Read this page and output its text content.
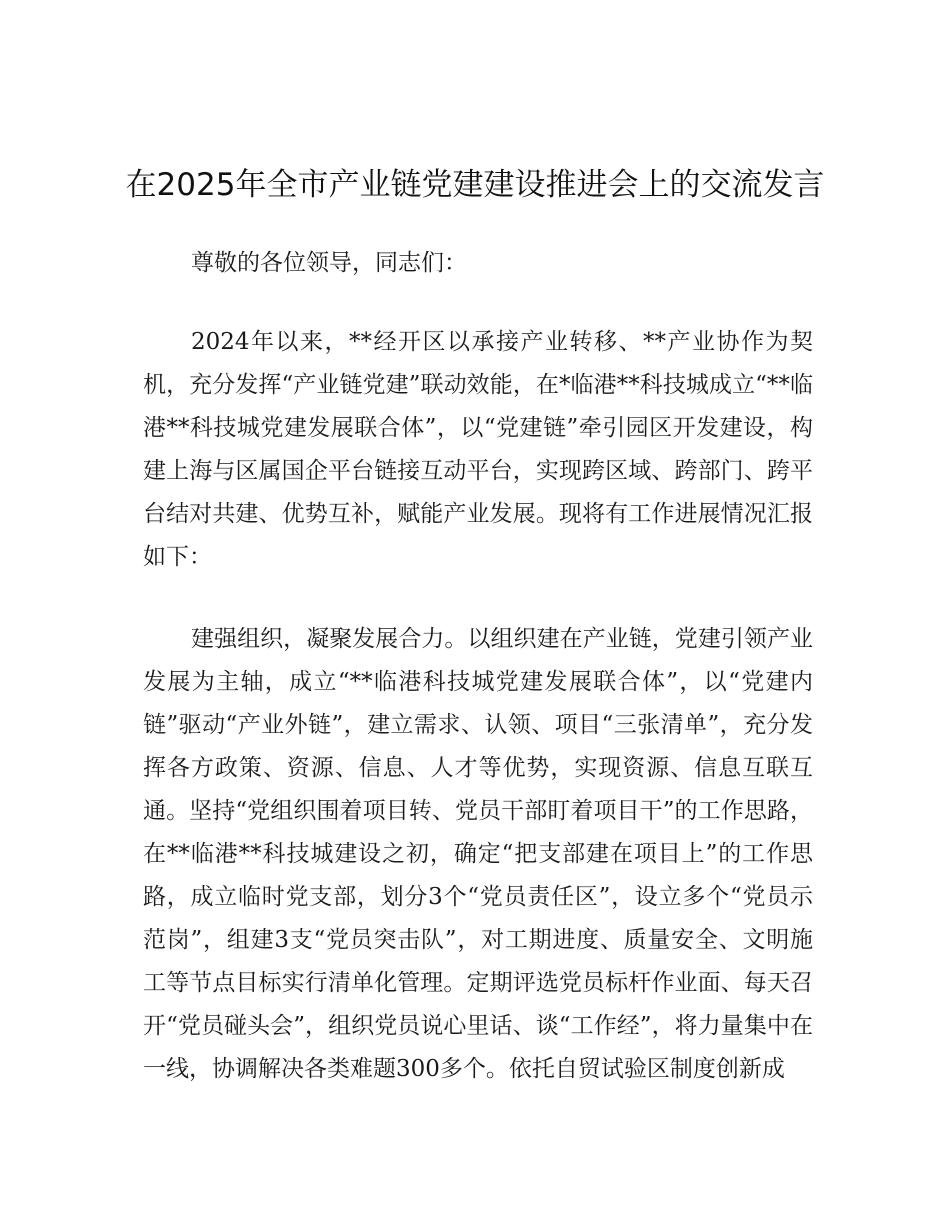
在2025年全市产业链党建建设推进会上的交流发言

尊敬的各位领导，同志们：

2024年以来，**经开区以承接产业转移、**产业协作为契机，充分发挥“产业链党建”联动效能，在*临港**科技城成立“**临港**科技城党建发展联合体”，以“党建链”牵引园区开发建设，构建上海与区属国企平台链接互动平台，实现跨区域、跨部门、跨平台结对共建、优势互补，赋能产业发展。现将有工作进展情况汇报如下：

建强组织，凝聚发展合力。以组织建在产业链，党建引领产业发展为主轴，成立“**临港科技城党建发展联合体”，以“党建内链”驱动“产业外链”，建立需求、认领、项目“三张清单”，充分发挥各方政策、资源、信息、人才等优势，实现资源、信息互联互通。坚持“党组织围着项目转、党员干部盯着项目干”的工作思路，在**临港**科技城建设之初，确定“把支部建在项目上”的工作思路，成立临时党支部，划分3个“党员责任区”，设立多个“党员示范岗”，组建3支“党员突击队”，对工期进度、质量安全、文明施工等节点目标实行清单化管理。定期评选党员标杆作业面、每天召开“党员碰头会”，组织党员说心里话、谈“工作经”，将力量集中在一线，协调解决各类难题300多个。依托自贸试验区制度创新成
